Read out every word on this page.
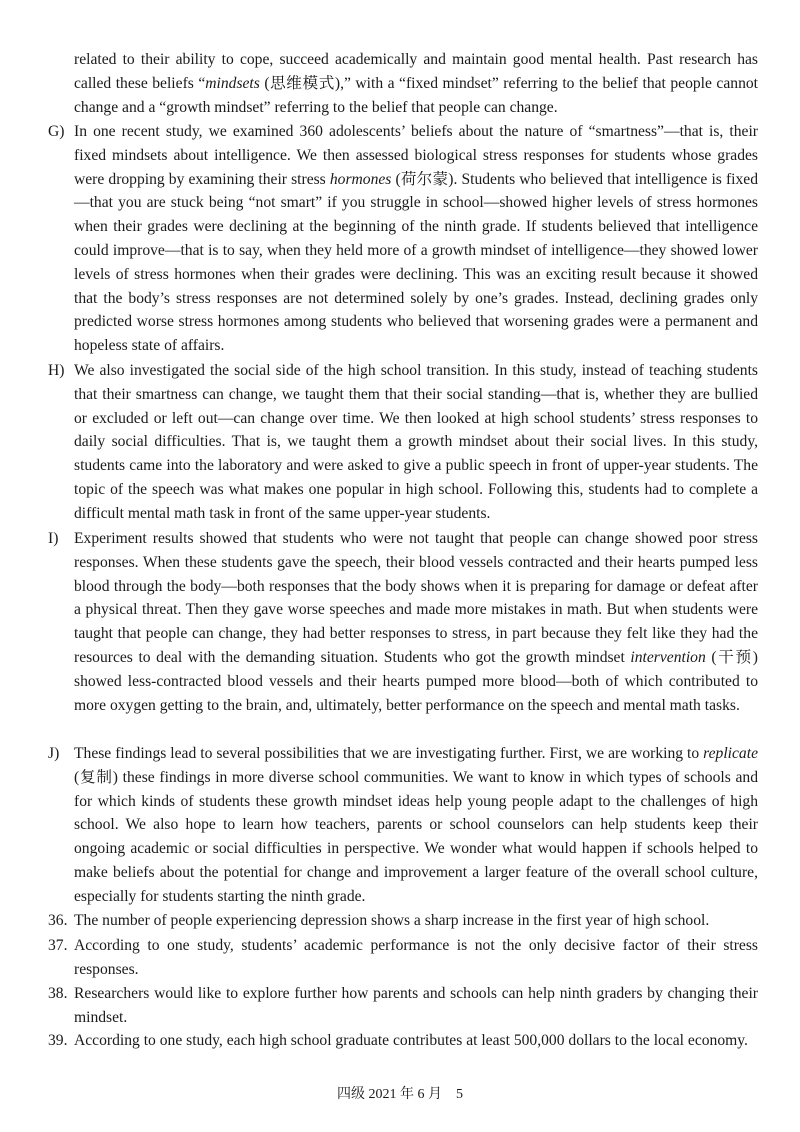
related to their ability to cope, succeed academically and maintain good mental health. Past research has called these beliefs “mindsets (思维模式),” with a “fixed mindset” referring to the belief that people cannot change and a “growth mindset” referring to the belief that people can change.
G) In one recent study, we examined 360 adolescents’ beliefs about the nature of “smartness”—that is, their fixed mindsets about intelligence. We then assessed biological stress responses for students whose grades were dropping by examining their stress hormones (荷尔蒙). Students who believed that intelligence is fixed—that you are stuck being “not smart” if you struggle in school—showed higher levels of stress hormones when their grades were declining at the beginning of the ninth grade. If students believed that intelligence could improve—that is to say, when they held more of a growth mindset of intelligence—they showed lower levels of stress hormones when their grades were declining. This was an exciting result because it showed that the body’s stress responses are not determined solely by one’s grades. Instead, declining grades only predicted worse stress hormones among students who believed that worsening grades were a permanent and hopeless state of affairs.
H) We also investigated the social side of the high school transition. In this study, instead of teaching students that their smartness can change, we taught them that their social standing—that is, whether they are bullied or excluded or left out—can change over time. We then looked at high school students’ stress responses to daily social difficulties. That is, we taught them a growth mindset about their social lives. In this study, students came into the laboratory and were asked to give a public speech in front of upper-year students. The topic of the speech was what makes one popular in high school. Following this, students had to complete a difficult mental math task in front of the same upper-year students.
I)	Experiment results showed that students who were not taught that people can change showed poor stress responses. When these students gave the speech, their blood vessels contracted and their hearts pumped less blood through the body—both responses that the body shows when it is preparing for damage or defeat after a physical threat. Then they gave worse speeches and made more mistakes in math. But when students were taught that people can change, they had better responses to stress, in part because they felt like they had the resources to deal with the demanding situation. Students who got the growth mindset intervention (干预) showed less-contracted blood vessels and their hearts pumped more blood—both of which contributed to more oxygen getting to the brain, and, ultimately, better performance on the speech and mental math tasks.
J) These findings lead to several possibilities that we are investigating further. First, we are working to replicate (复制) these findings in more diverse school communities. We want to know in which types of schools and for which kinds of students these growth mindset ideas help young people adapt to the challenges of high school. We also hope to learn how teachers, parents or school counselors can help students keep their ongoing academic or social difficulties in perspective. We wonder what would happen if schools helped to make beliefs about the potential for change and improvement a larger feature of the overall school culture, especially for students starting the ninth grade.
36. The number of people experiencing depression shows a sharp increase in the first year of high school.
37. According to one study, students’ academic performance is not the only decisive factor of their stress responses.
38. Researchers would like to explore further how parents and schools can help ninth graders by changing their mindset.
39. According to one study, each high school graduate contributes at least 500,000 dollars to the local economy.
四级 2021 年 6 月　5
